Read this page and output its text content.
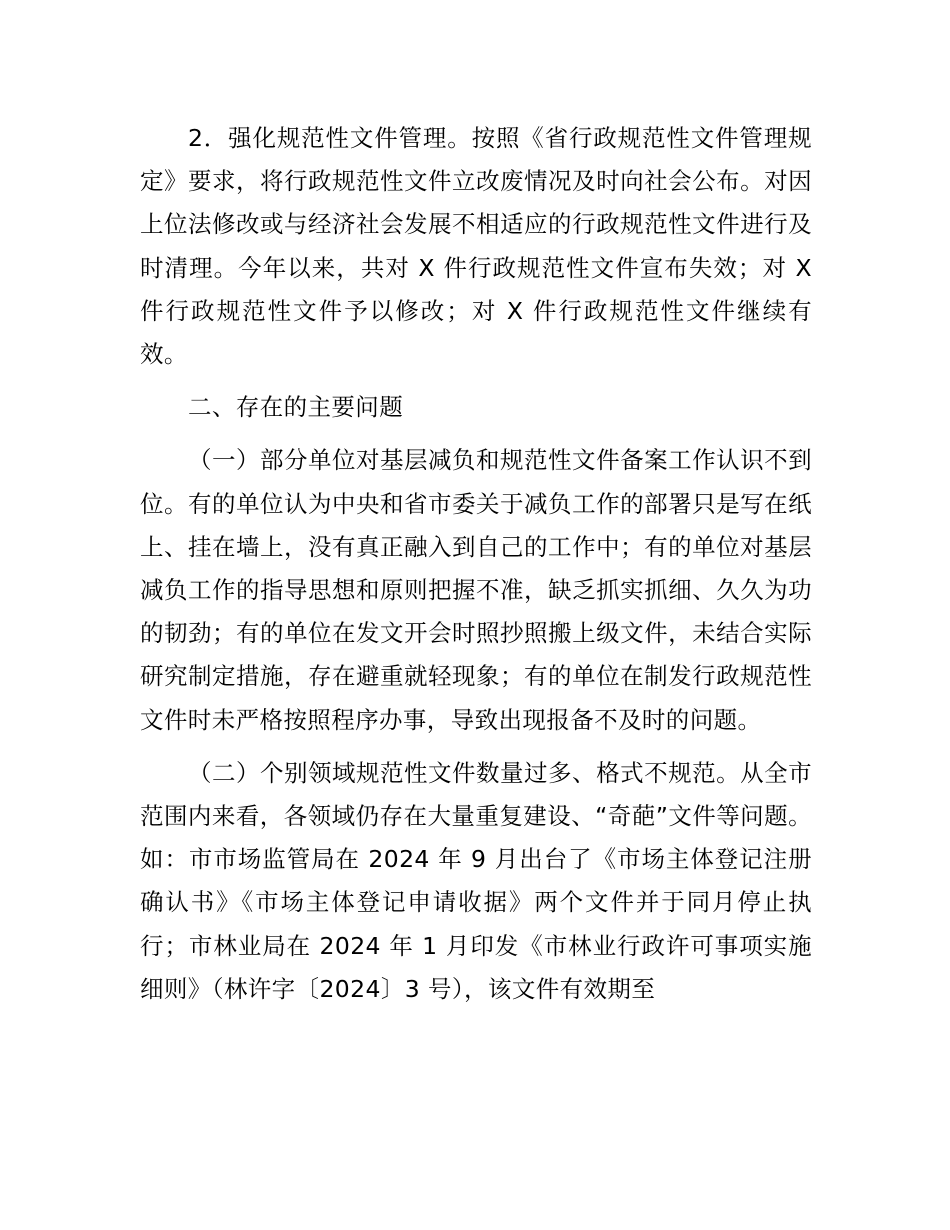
2．强化规范性文件管理。按照《省行政规范性文件管理规定》要求，将行政规范性文件立改废情况及时向社会公布。对因上位法修改或与经济社会发展不相适应的行政规范性文件进行及时清理。今年以来，共对 X 件行政规范性文件宣布失效；对 X 件行政规范性文件予以修改；对 X 件行政规范性文件继续有效。

二、存在的主要问题

（一）部分单位对基层减负和规范性文件备案工作认识不到位。有的单位认为中央和省市委关于减负工作的部署只是写在纸上、挂在墙上，没有真正融入到自己的工作中；有的单位对基层减负工作的指导思想和原则把握不准，缺乏抓实抓细、久久为功的韧劲；有的单位在发文开会时照抄照搬上级文件，未结合实际研究制定措施，存在避重就轻现象；有的单位在制发行政规范性文件时未严格按照程序办事，导致出现报备不及时的问题。

（二）个别领域规范性文件数量过多、格式不规范。从全市范围内来看，各领域仍存在大量重复建设、“奇葩”文件等问题。如：市市场监管局在 2024 年 9 月出台了《市场主体登记注册确认书》《市场主体登记申请收据》两个文件并于同月停止执行；市林业局在 2024 年 1 月印发《市林业行政许可事项实施细则》（林许字〔2024〕3 号），该文件有效期至
